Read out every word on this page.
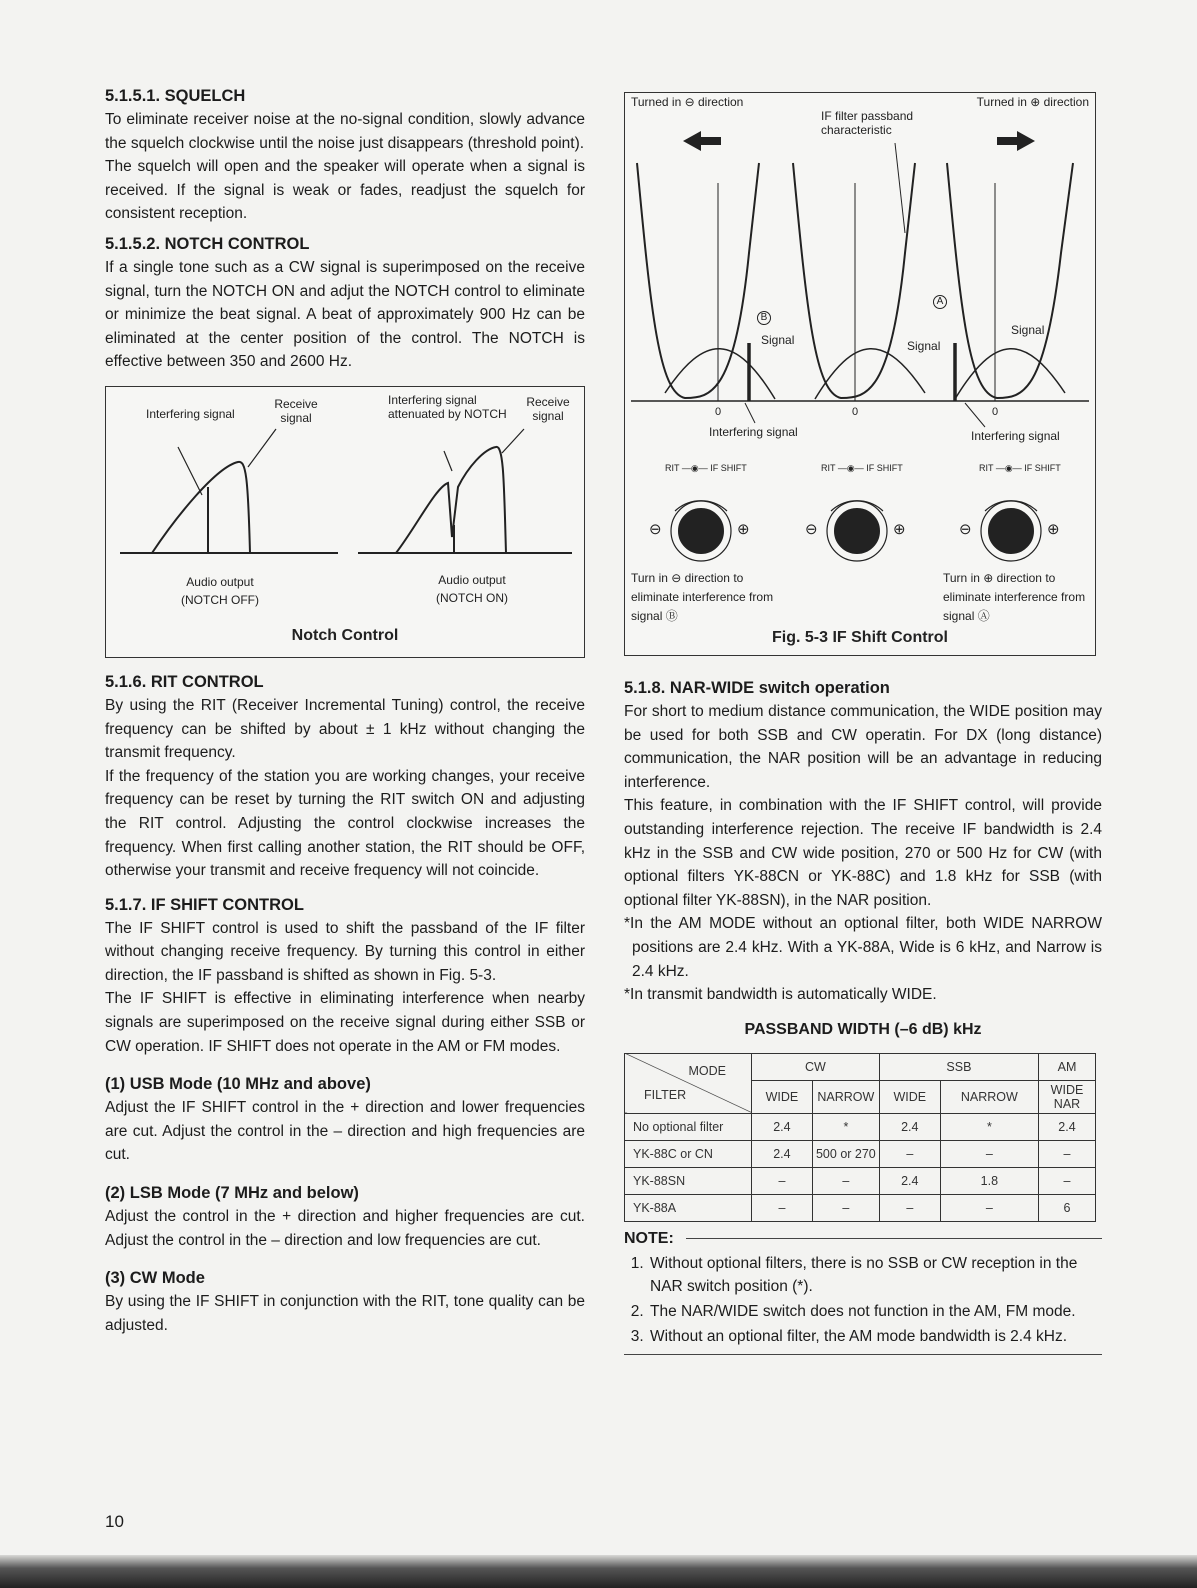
5.1.5.1. SQUELCH

To eliminate receiver noise at the no-signal condition, slowly advance the squelch clockwise until the noise just disappears (threshold point).

The squelch will open and the speaker will operate when a signal is received. If the signal is weak or fades, readjust the squelch for consistent reception.

5.1.5.2. NOTCH CONTROL

If a single tone such as a CW signal is superimposed on the receive signal, turn the NOTCH ON and adjut the NOTCH control to eliminate or minimize the beat signal. A beat of approximately 900 Hz can be eliminated at the center position of the control. The NOTCH is effective between 350 and 2600 Hz.

Interfering signal
Receive signal
Interfering signal attenuated by NOTCH
Receive signal
Audio output (NOTCH OFF)
Audio output (NOTCH ON)
Notch Control
5.1.6. RIT CONTROL

By using the RIT (Receiver Incremental Tuning) control, the receive frequency can be shifted by about ± 1 kHz without changing the transmit frequency.

If the frequency of the station you are working changes, your receive frequency can be reset by turning the RIT switch ON and adjusting the RIT control. Adjusting the control clockwise increases the frequency. When first calling another station, the RIT should be OFF, otherwise your transmit and receive frequency will not coincide.

5.1.7. IF SHIFT CONTROL

The IF SHIFT control is used to shift the passband of the IF filter without changing receive frequency. By turning this control in either direction, the IF passband is shifted as shown in Fig. 5-3.

The IF SHIFT is effective in eliminating interference when nearby signals are superimposed on the receive signal during either SSB or CW operation. IF SHIFT does not operate in the AM or FM modes.

(1) USB Mode (10 MHz and above)

Adjust the IF SHIFT control in the + direction and lower frequencies are cut. Adjust the control in the – direction and high frequencies are cut.

(2) LSB Mode (7 MHz and below)

Adjust the control in the + direction and higher frequencies are cut. Adjust the control in the – direction and low frequencies are cut.

(3) CW Mode

By using the IF SHIFT in conjunction with the RIT, tone quality can be adjusted.

Turned in ⊖ direction	Turned in ⊕ direction
IF filter passband characteristic
Signal	Signal
Signal
B
A
0	0	0
Interfering signal	Interfering signal
RIT —◉— IF SHIFT	RIT —◉— IF SHIFT	RIT —◉— IF SHIFT
⊖	⊕	⊖	⊕	⊖	⊕
Turn in ⊖ direction to eliminate interference from signal Ⓑ
Turn in ⊕ direction to eliminate interference from signal Ⓐ
Fig. 5-3 IF Shift Control
5.1.8. NAR-WIDE switch operation

For short to medium distance communication, the WIDE position may be used for both SSB and CW operatin. For DX (long distance) communication, the NAR position will be an advantage in reducing interference.

This feature, in combination with the IF SHIFT control, will provide outstanding interference rejection. The receive IF bandwidth is 2.4 kHz in the SSB and CW wide position, 270 or 500 Hz for CW (with optional filters YK-88CN or YK-88C) and 1.8 kHz for SSB (with optional filter YK-88SN), in the NAR position.

*In the AM MODE without an optional filter, both WIDE NARROW positions are 2.4 kHz. With a YK-88A, Wide is 6 kHz, and Narrow is 2.4 kHz.

*In transmit bandwidth is automatically WIDE.

PASSBAND WIDTH (–6 dB) kHz
MODE
FILTER	CW		SSB		AM
	WIDE	NARROW	WIDE	NARROW	WIDE NAR
No optional filter	2.4	*	2.4	*	2.4
YK-88C or CN	2.4	500 or 270	–	–	–
YK-88SN	–	–	2.4	1.8	–
YK-88A	–	–	–	–	6
NOTE:
1. Without optional filters, there is no SSB or CW reception in the NAR switch position (*).
2. The NAR/WIDE switch does not function in the AM, FM mode.
3. Without an optional filter, the AM mode bandwidth is 2.4 kHz.
10
